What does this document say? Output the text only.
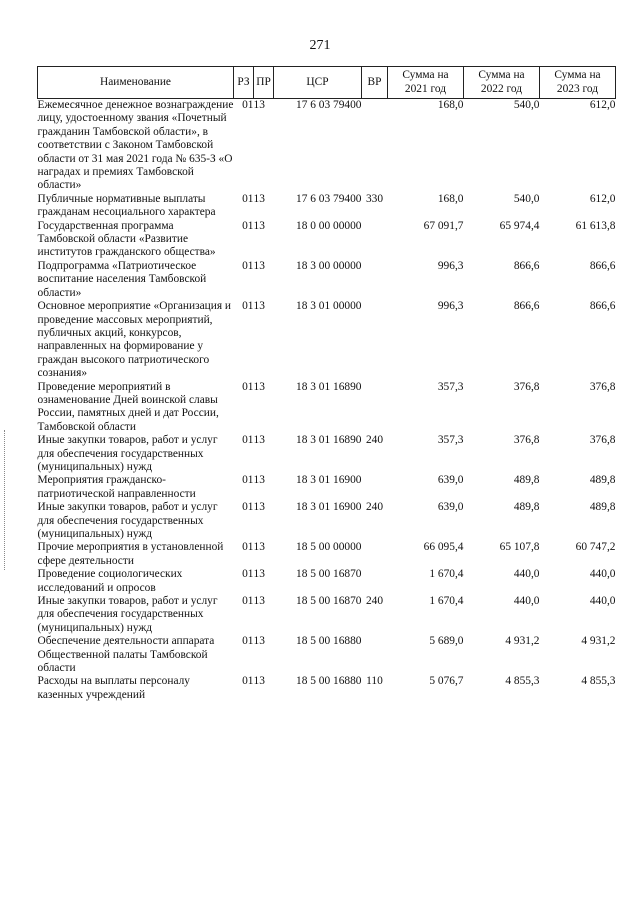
271
Наименование	РЗ	ПР	ЦСР	ВР	Сумма на 2021 год	Сумма на 2022 год	Сумма на 2023 год
Ежемесячное денежное вознаграждение лицу, удостоенному звания «Почетный гражданин Тамбовской области», в соответствии с Законом Тамбовской области от 31 мая 2021 года № 635-З «О наградах и премиях Тамбовской области»	01	13	17 6 03 79400		168,0	540,0	612,0
Публичные нормативные выплаты гражданам несоциального характера	01	13	17 6 03 79400	330	168,0	540,0	612,0
Государственная программа Тамбовской области «Развитие институтов гражданского общества»	01	13	18 0 00 00000		67 091,7	65 974,4	61 613,8
Подпрограмма «Патриотическое воспитание населения Тамбовской области»	01	13	18 3 00 00000		996,3	866,6	866,6
Основное мероприятие «Организация и проведение массовых мероприятий, публичных акций, конкурсов, направленных на формирование у граждан высокого патриотического сознания»	01	13	18 3 01 00000		996,3	866,6	866,6
Проведение мероприятий в ознаменование Дней воинской славы России, памятных дней и дат России, Тамбовской области	01	13	18 3 01 16890		357,3	376,8	376,8
Иные закупки товаров, работ и услуг для обеспечения государственных (муниципальных) нужд	01	13	18 3 01 16890	240	357,3	376,8	376,8
Мероприятия гражданско-патриотической направленности	01	13	18 3 01 16900		639,0	489,8	489,8
Иные закупки товаров, работ и услуг для обеспечения государственных (муниципальных) нужд	01	13	18 3 01 16900	240	639,0	489,8	489,8
Прочие мероприятия в установленной сфере деятельности	01	13	18 5 00 00000		66 095,4	65 107,8	60 747,2
Проведение социологических исследований и опросов	01	13	18 5 00 16870		1 670,4	440,0	440,0
Иные закупки товаров, работ и услуг для обеспечения государственных (муниципальных) нужд	01	13	18 5 00 16870	240	1 670,4	440,0	440,0
Обеспечение деятельности аппарата Общественной палаты Тамбовской области	01	13	18 5 00 16880		5 689,0	4 931,2	4 931,2
Расходы на выплаты персоналу казенных учреждений	01	13	18 5 00 16880	110	5 076,7	4 855,3	4 855,3
